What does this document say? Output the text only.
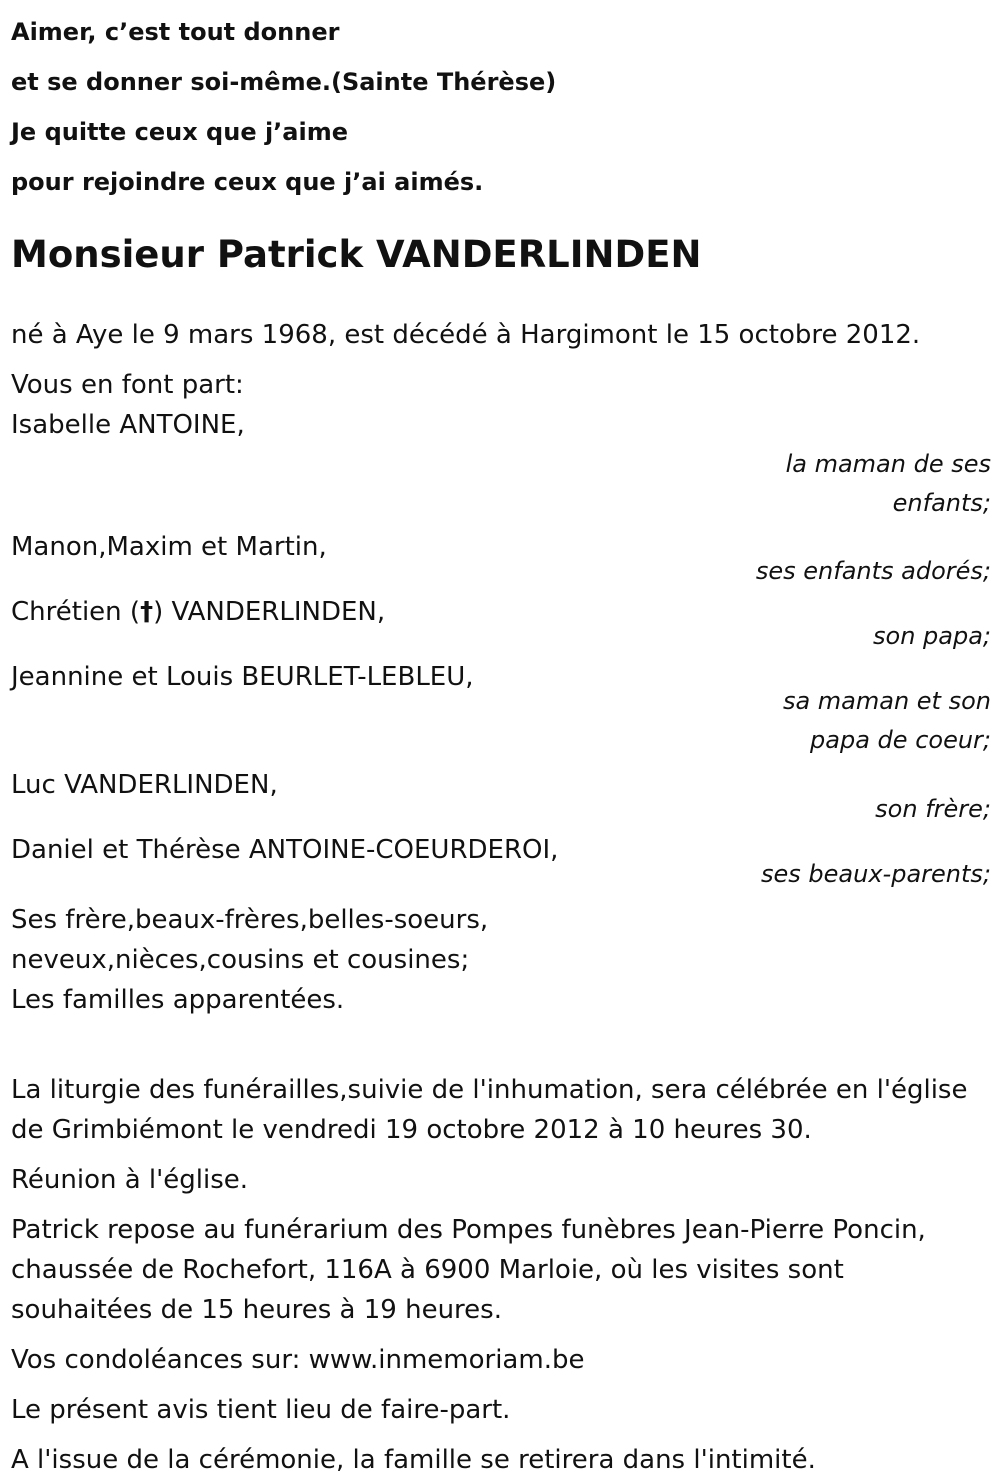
Aimer, c’est tout donner
et se donner soi-même.(Sainte Thérèse)
Je quitte ceux que j’aime
pour rejoindre ceux que j’ai aimés.
Monsieur Patrick VANDERLINDEN
né à Aye le 9 mars 1968, est décédé à Hargimont le 15 octobre 2012.
Vous en font part:
Isabelle ANTOINE,
la maman de ses enfants;
Manon,Maxim et Martin,
ses enfants adorés;
Chrétien (†) VANDERLINDEN,
son papa;
Jeannine et Louis BEURLET-LEBLEU,
sa maman et son papa de coeur;
Luc VANDERLINDEN,
son frère;
Daniel et Thérèse ANTOINE-COEURDEROI,
ses beaux-parents;
Ses frère,beaux-frères,belles-soeurs,
neveux,nièces,cousins et cousines;
Les familles apparentées.
La liturgie des funérailles,suivie de l'inhumation, sera célébrée en l'église
de Grimbiémont le vendredi 19 octobre 2012 à 10 heures 30.
Réunion à l'église.
Patrick repose au funérarium des Pompes funèbres Jean-Pierre Poncin,
chaussée de Rochefort, 116A à 6900 Marloie, où les visites sont
souhaitées de 15 heures à 19 heures.
Vos condoléances sur: www.inmemoriam.be
Le présent avis tient lieu de faire-part.
A l'issue de la cérémonie, la famille se retirera dans l'intimité.
